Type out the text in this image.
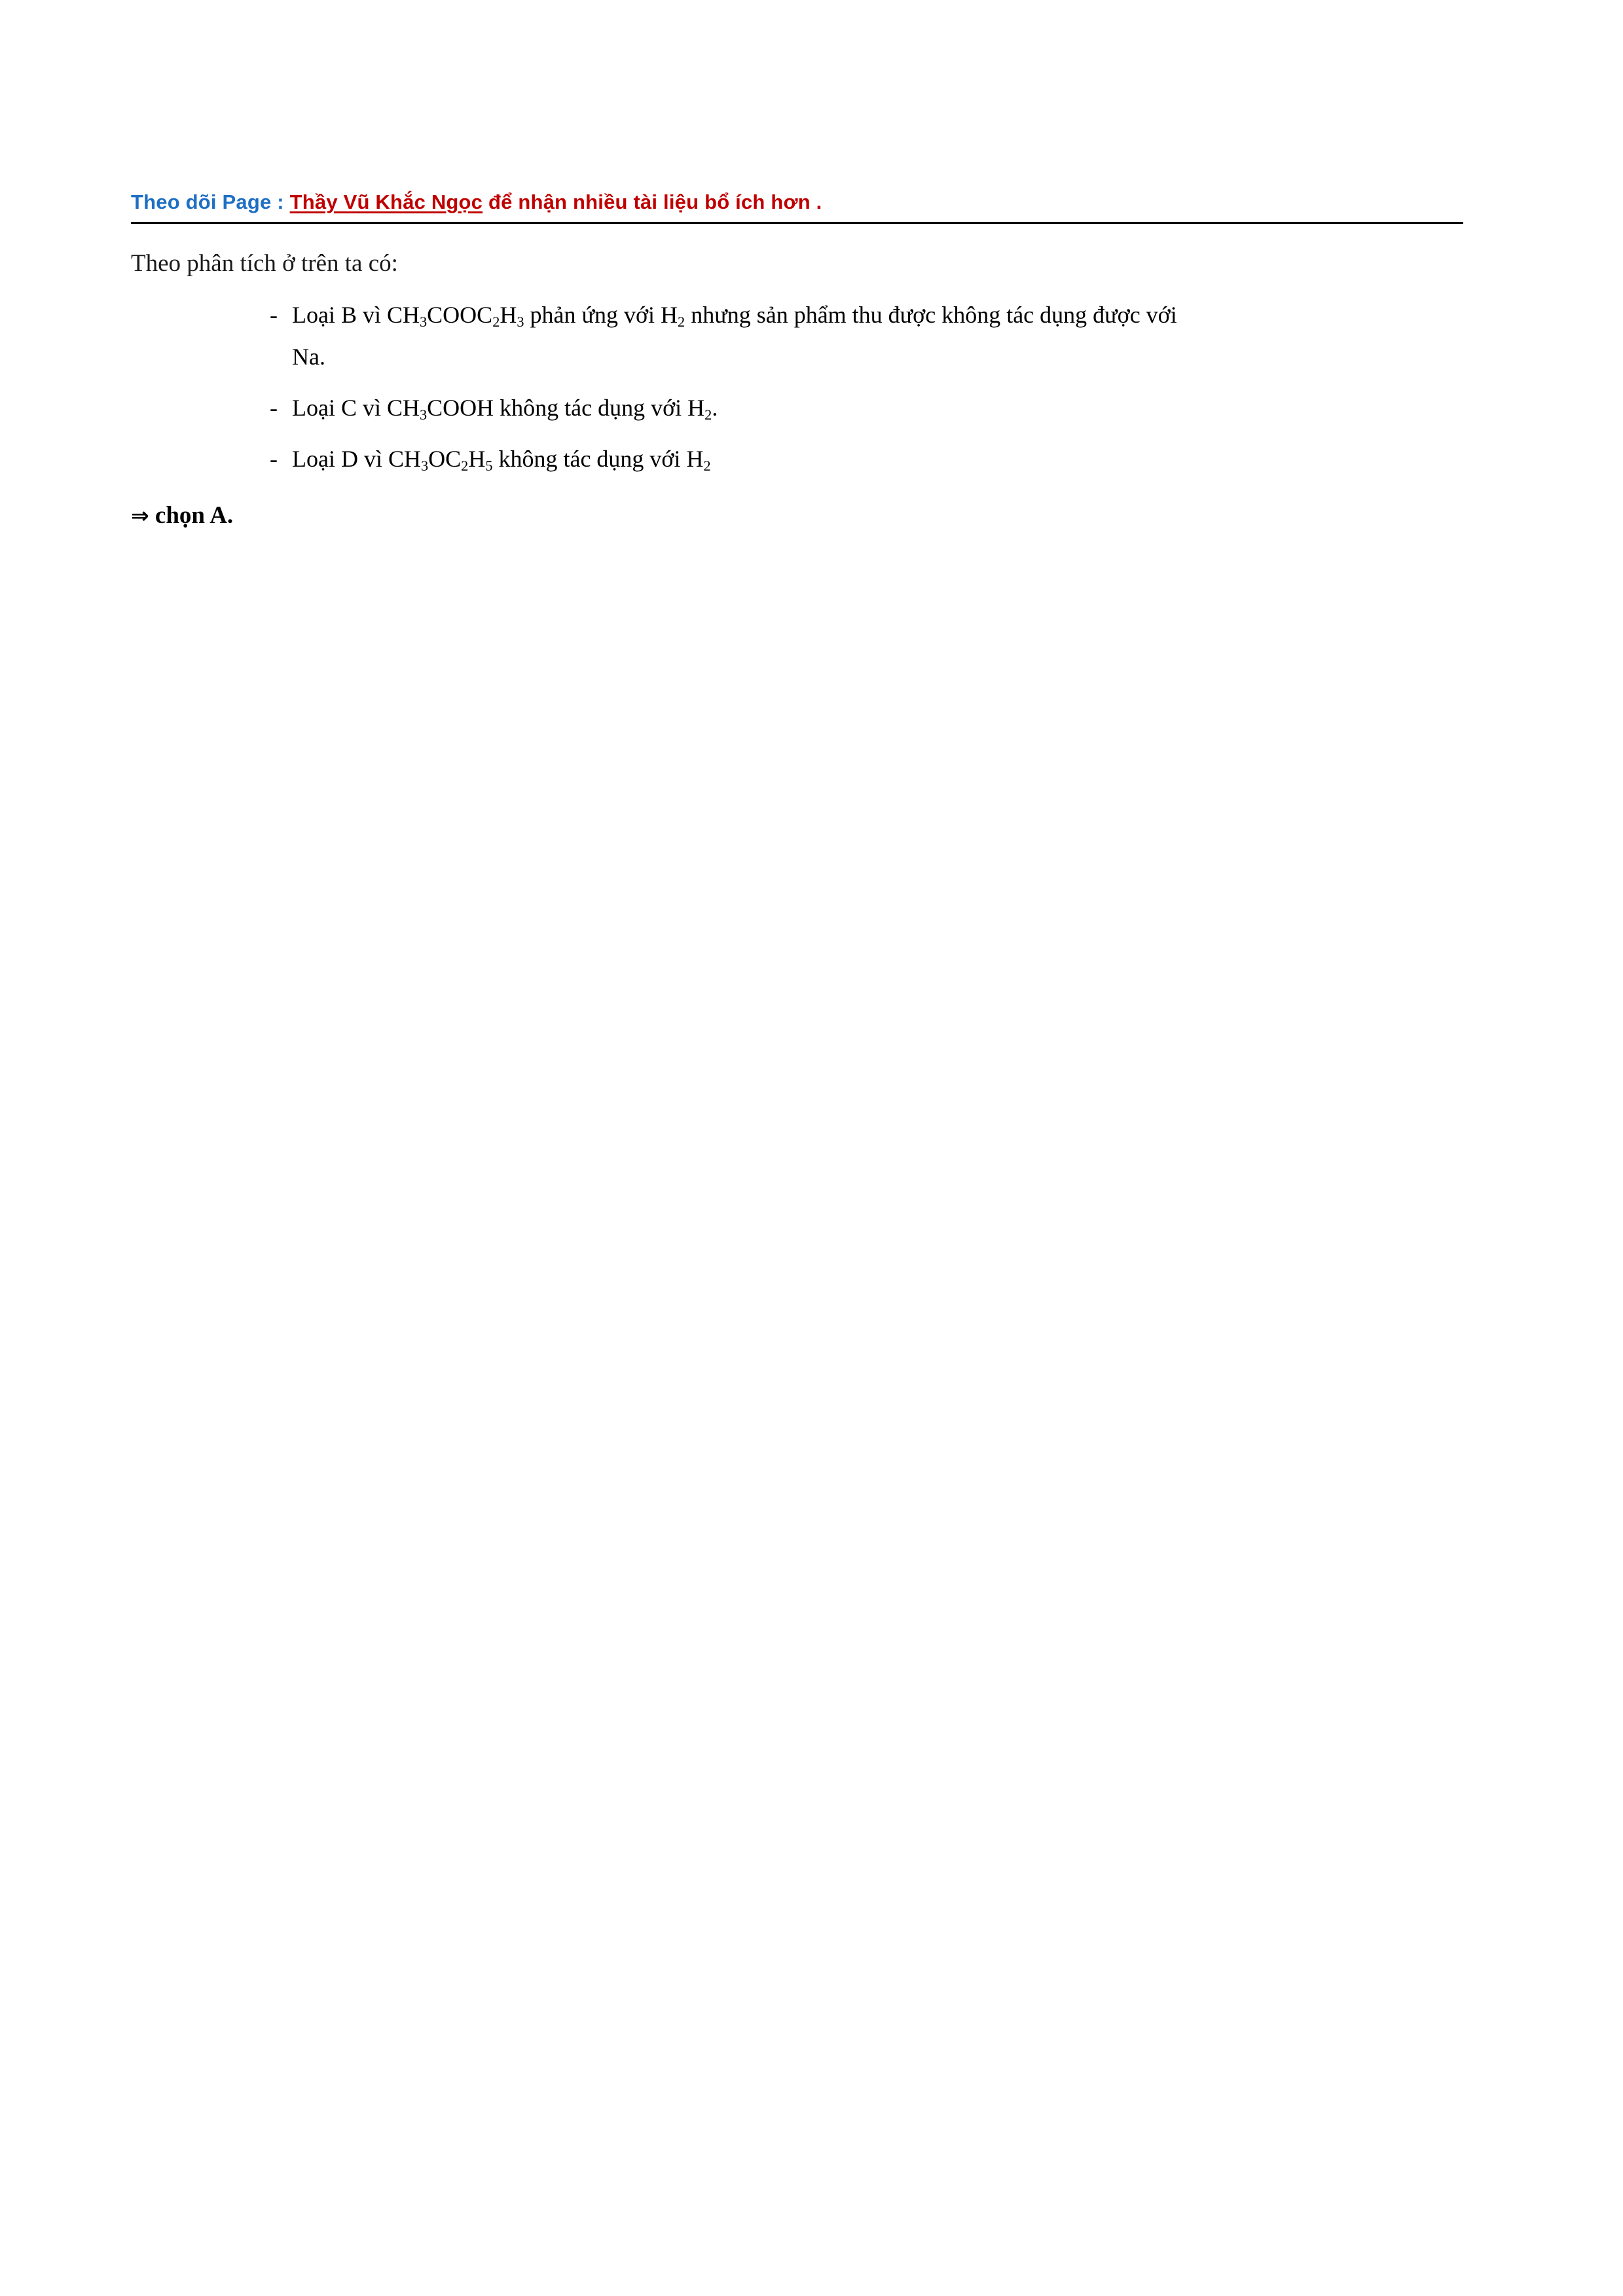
Theo dõi Page : Thầy Vũ Khắc Ngọc để nhận nhiều tài liệu bổ ích hơn .
Theo phân tích ở trên ta có:
- Loại B vì $CH_3COOC_2H_3$ phản ứng với $H_2$ nhưng sản phẩm thu được không tác dụng được với
Na.
- Loại C vì $CH_3COOH$ không tác dụng với $H_2$.
- Loại D vì $CH_3OC_2H_5$ không tác dụng với $H_2$
⇒ chọn A.
